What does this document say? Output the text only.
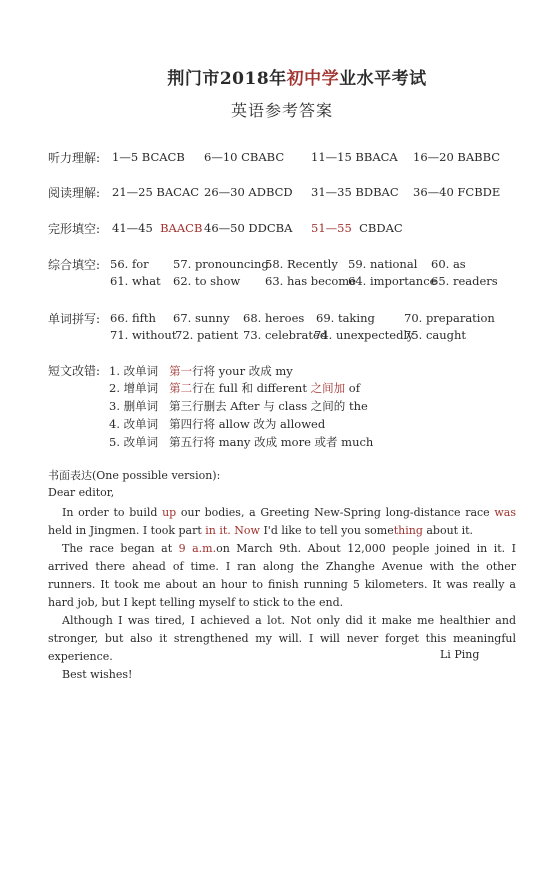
荆门市2018年初中学业水平考试
英语参考答案
听力理解: 1—5 BCACB 6—10 CBABC 11—15 BBACA 16—20 BABBC
阅读理解: 21—25 BACAC 26—30 ADBCD 31—35 BDBAC 36—40 FCBDE
完形填空: 41—45 BAACB 46—50 DDCBA 51—55 CBDAC
综合填空: 56. for 57. pronouncing
58. Recently 59. national 60. as
61. what 62. to show 63. has become
64. importance
65. readers
单词拼写: 66. fifth 67. sunny 68. heroes 69. taking	70. preparation
71. without
72. patient 73. celebrated
74. unexpectedly
75. caught
短文改错: 1. 改单词 第一行将 your 改成 my
2. 增单词 第二行在 full 和 different 之间加 of
3. 删单词 第三行删去 After 与 class 之间的 the
4. 改单词 第四行将 allow 改为 allowed
5. 改单词 第五行将 many 改成 more 或者 much
书面表达(One possible version):
Dear editor,

In order to build up our bodies, a Greeting New-Spring long-distance race was held in Jingmen. I took part in it. Now I'd like to tell you something about it.

The race began at 9 a.m.on March 9th. About 12,000 people joined in it. I arrived there ahead of time. I ran along the Zhanghe Avenue with the other runners. It took me about an hour to finish running 5 kilometers. It was really a hard job, but I kept telling myself to stick to the end.

Although I was tired, I achieved a lot. Not only did it make me healthier and stronger, but also it strengthened my will. I will never forget this meaningful experience.

Best wishes!

Li Ping
